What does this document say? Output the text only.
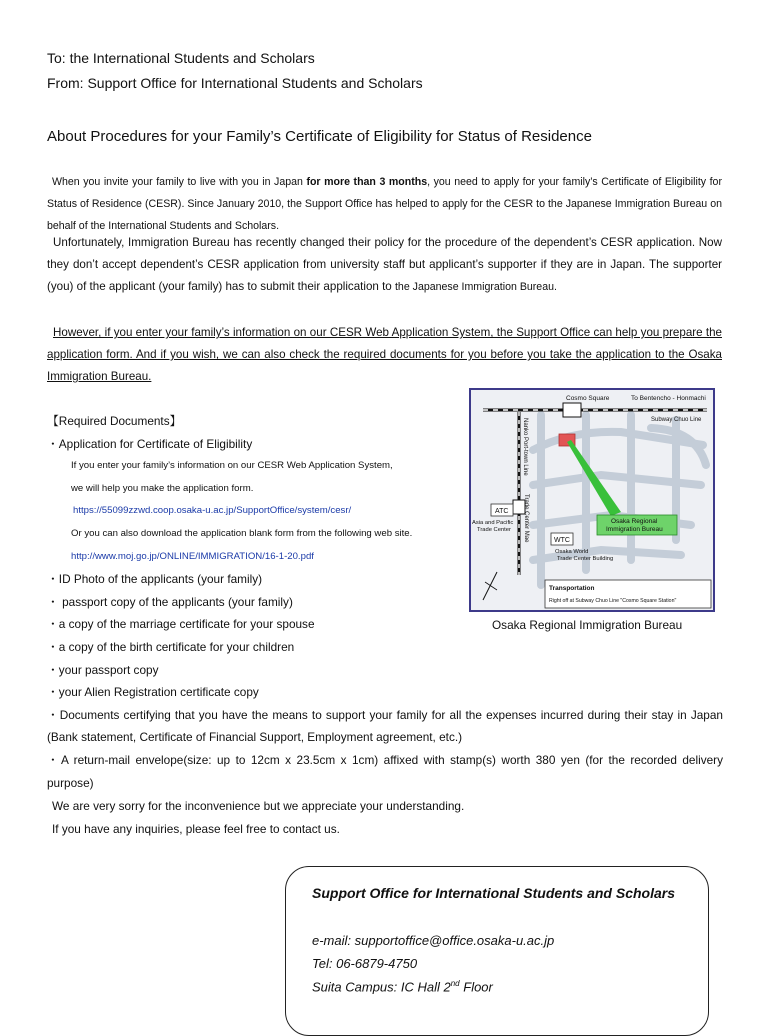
To: the International Students and Scholars
From: Support Office for International Students and Scholars
About Procedures for your Family’s Certificate of Eligibility for Status of Residence
When you invite your family to live with you in Japan for more than 3 months, you need to apply for your family’s Certificate of Eligibility for Status of Residence (CESR). Since January 2010, the Support Office has helped to apply for the CESR to the Japanese Immigration Bureau on behalf of the International Students and Scholars.
Unfortunately, Immigration Bureau has recently changed their policy for the procedure of the dependent’s CESR application. Now they don’t accept dependent’s CESR application from university staff but applicant’s supporter if they are in Japan. The supporter (you) of the applicant (your family) has to submit their application to the Japanese Immigration Bureau.
However, if you enter your family’s information on our CESR Web Application System, the Support Office can help you prepare the application form. And if you wish, we can also check the required documents for you before you take the application to the Osaka Immigration Bureau.
【Required Documents】
・Application for Certificate of Eligibility
If you enter your family’s information on our CESR Web Application System,
we will help you make the application form.
https://55099zzwd.coop.osaka-u.ac.jp/SupportOffice/system/cesr/
Or you can also download the application blank form from the following web site.
http://www.moj.go.jp/ONLINE/IMMIGRATION/16-1-20.pdf
・ID Photo of the applicants (your family)
・ passport copy of the applicants (your family)
・a copy of the marriage certificate for your spouse
・a copy of the birth certificate for your children
・your passport copy
・your Alien Registration certificate copy
・Documents certifying that you have the means to support your family for all the expenses incurred during their stay in Japan (Bank statement, Certificate of Financial Support, Employment agreement, etc.)
・A return-mail envelope(size: up to 12cm x 23.5cm x 1cm) affixed with stamp(s) worth 380 yen (for the recorded delivery purpose)
Cosmo Square	To Bentencho - Honmachi
Subway Chuo Line
Nanko Port-town Line
Trade Center Mae
ATC
Asia and Pacific
Trade Center
WTC
Osaka World
Trade Center Building
Osaka Regional
Immigration Bureau
Transportation
Right off at Subway Chuo Line "Cosmo Square Station"
Osaka Regional Immigration Bureau
We are very sorry for the inconvenience but we appreciate your understanding.
If you have any inquiries, please feel free to contact us.
Support Office for International Students and Scholars
e-mail: supportoffice@office.osaka-u.ac.jp
Tel: 06-6879-4750
Suita Campus: IC Hall 2nd Floor
